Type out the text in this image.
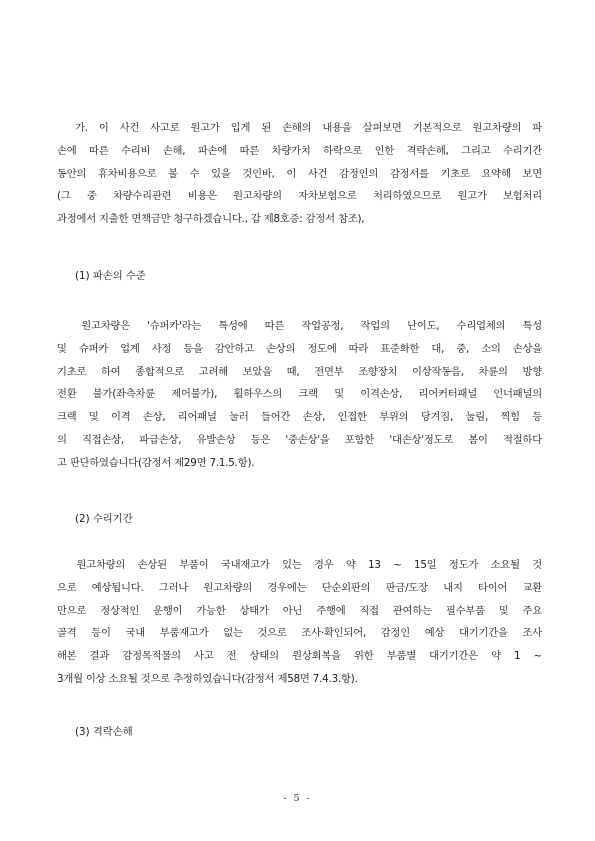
　가. 이 사건 사고로 원고가 입게 된 손해의 내용을 살펴보면 기본적으로 원고차량의 파
손에 따른 수리비 손해, 파손에 따른 차량가치 하락으로 인한 격락손해, 그리고 수리기간
동안의 휴차비용으로 볼 수 있을 것인바, 이 사건 감정인의 감정서를 기초로 요약해 보면
(그 중 차량수리관련 비용은 원고차량의 자차보험으로 처리하였으므로 원고가 보험처리
과정에서 지출한 면책금만 청구하겠습니다., 갑 제8호증: 감정서 참조),
(1) 파손의 수준
　원고차량은 '슈퍼카'라는 특성에 따른 작업공정, 작업의 난이도, 수리업체의 특성
및 슈퍼카 업계 사정 등을 감안하고 손상의 정도에 따라 표준화한 대, 중, 소의 손상을
기초로 하여 종합적으로 고려해 보았을 때, 전면부 조향장치 이상작동음, 차륜의 방향
전환 불가(좌측차륜 제어불가), 휠하우스의 크랙 및 이격손상, 리어커터패널 인너패널의
크랙 및 이격 손상, 리어패널 눌러 들어간 손상, 인접한 부위의 당겨짐, 눌림, 찍힘 등
의 직접손상, 파급손상, 유발손상 등은 '중손상'을 포함한 '대손상'정도로 봄이 적절하다
고 판단하였습니다(감정서 제29면 7.1.5.항).
(2) 수리기간
　원고차량의 손상된 부품이 국내재고가 있는 경우 약 13 ~ 15일 정도가 소요될 것
으로 예상됩니다. 그러나 원고차량의 경우에는 단순외판의 판금/도장 내지 타이어 교환
만으로 정상적인 운행이 가능한 상태가 아닌 주행에 직접 관여하는 필수부품 및 주요
골격 등이 국내 부품재고가 없는 것으로 조사·확인되어, 감정인 예상 대기기간을 조사
해본 결과 감정목적물의 사고 전 상태의 원상회복을 위한 부품별 대기기간은 약 1 ~
3개월 이상 소요될 것으로 추정하였습니다(감정서 제58면 7.4.3.항).
(3) 격락손해
- 5 -
